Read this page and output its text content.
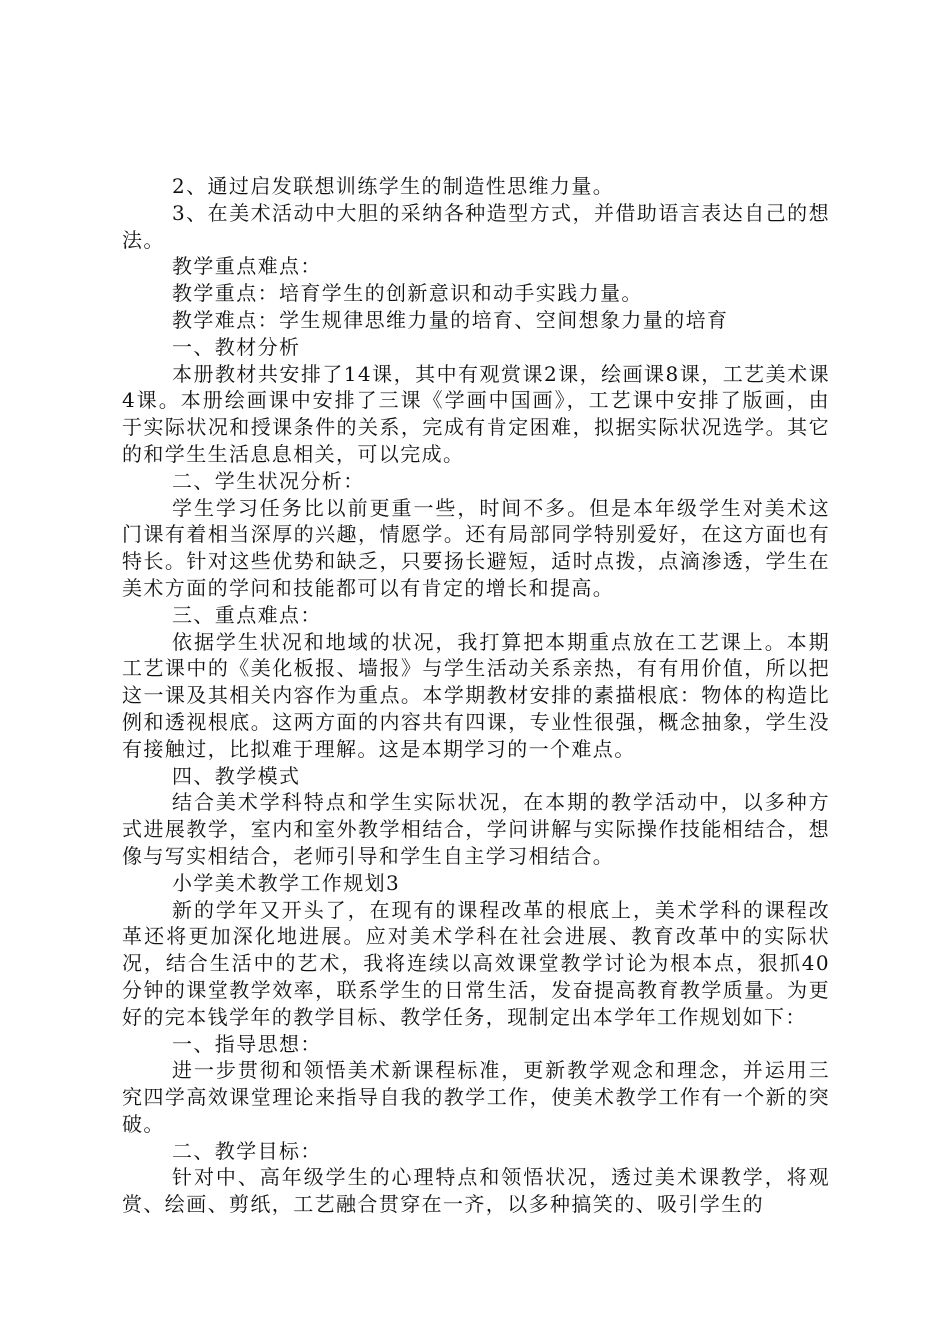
2、通过启发联想训练学生的制造性思维力量。

3、在美术活动中大胆的采纳各种造型方式，并借助语言表达自己的想法。

教学重点难点：

教学重点：培育学生的创新意识和动手实践力量。

教学难点：学生规律思维力量的培育、空间想象力量的培育

一、教材分析

本册教材共安排了14课，其中有观赏课2课，绘画课8课，工艺美术课4课。本册绘画课中安排了三课《学画中国画》，工艺课中安排了版画，由于实际状况和授课条件的关系，完成有肯定困难，拟据实际状况选学。其它的和学生生活息息相关，可以完成。

二、学生状况分析：

学生学习任务比以前更重一些，时间不多。但是本年级学生对美术这门课有着相当深厚的兴趣，情愿学。还有局部同学特别爱好，在这方面也有特长。针对这些优势和缺乏，只要扬长避短，适时点拨，点滴渗透，学生在美术方面的学问和技能都可以有肯定的增长和提高。

三、重点难点：

依据学生状况和地域的状况，我打算把本期重点放在工艺课上。本期工艺课中的《美化板报、墙报》与学生活动关系亲热，有有用价值，所以把这一课及其相关内容作为重点。本学期教材安排的素描根底：物体的构造比例和透视根底。这两方面的内容共有四课，专业性很强，概念抽象，学生没有接触过，比拟难于理解。这是本期学习的一个难点。

四、教学模式

结合美术学科特点和学生实际状况，在本期的教学活动中，以多种方式进展教学，室内和室外教学相结合，学问讲解与实际操作技能相结合，想像与写实相结合，老师引导和学生自主学习相结合。

小学美术教学工作规划3

新的学年又开头了，在现有的课程改革的根底上，美术学科的课程改革还将更加深化地进展。应对美术学科在社会进展、教育改革中的实际状况，结合生活中的艺术，我将连续以高效课堂教学讨论为根本点，狠抓40分钟的课堂教学效率，联系学生的日常生活，发奋提高教育教学质量。为更好的完本钱学年的教学目标、教学任务，现制定出本学年工作规划如下：

一、指导思想：

进一步贯彻和领悟美术新课程标准，更新教学观念和理念，并运用三究四学高效课堂理论来指导自我的教学工作，使美术教学工作有一个新的突破。

二、教学目标：

针对中、高年级学生的心理特点和领悟状况，透过美术课教学，将观赏、绘画、剪纸，工艺融合贯穿在一齐，以多种搞笑的、吸引学生的
